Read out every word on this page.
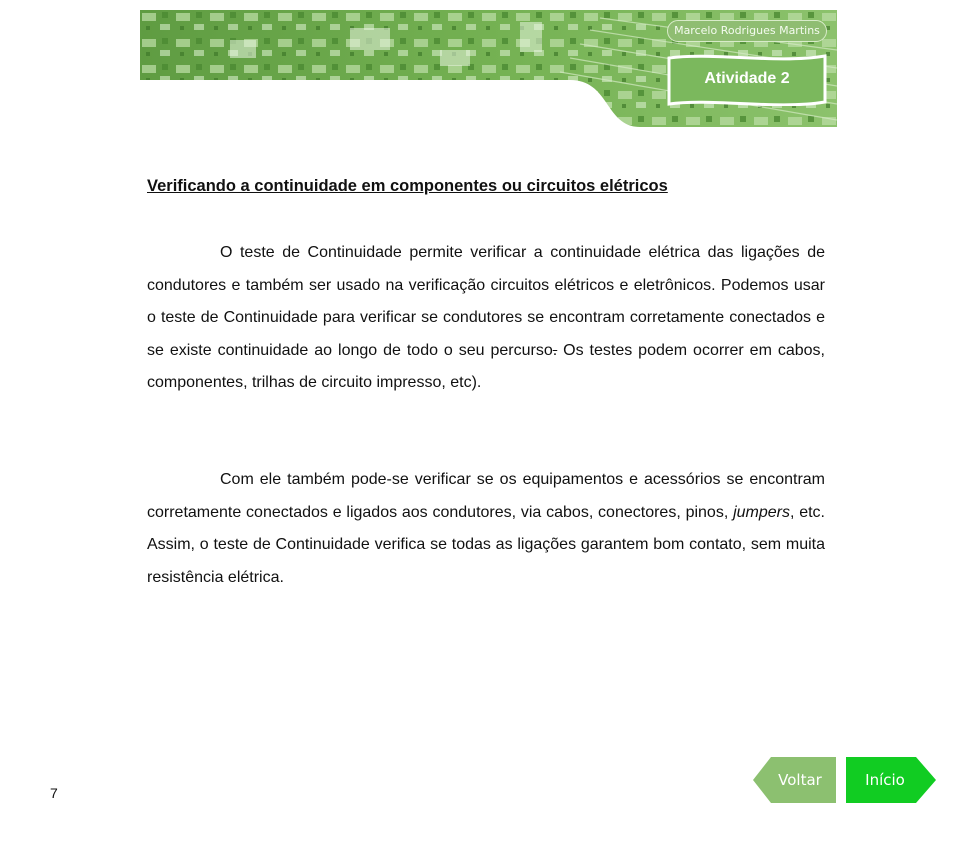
Marcelo Rodrigues Martins
Atividade 2
Verificando a continuidade em componentes ou circuitos elétricos

O teste de Continuidade permite verificar a continuidade elétrica das ligações de condutores e também ser usado na verificação circuitos elétricos e eletrônicos. Podemos usar o teste de Continuidade para verificar se condutores se encontram corretamente conectados e se existe continuidade ao longo de todo o seu percurso. Os testes podem ocorrer em cabos, componentes, trilhas de circuito impresso, etc).

Com ele também pode-se verificar se os equipamentos e acessórios se encontram corretamente conectados e ligados aos condutores, via cabos, conectores, pinos, jumpers, etc. Assim, o teste de Continuidade verifica se todas as ligações garantem bom contato, sem muita resistência elétrica.

7
Voltar	Início
